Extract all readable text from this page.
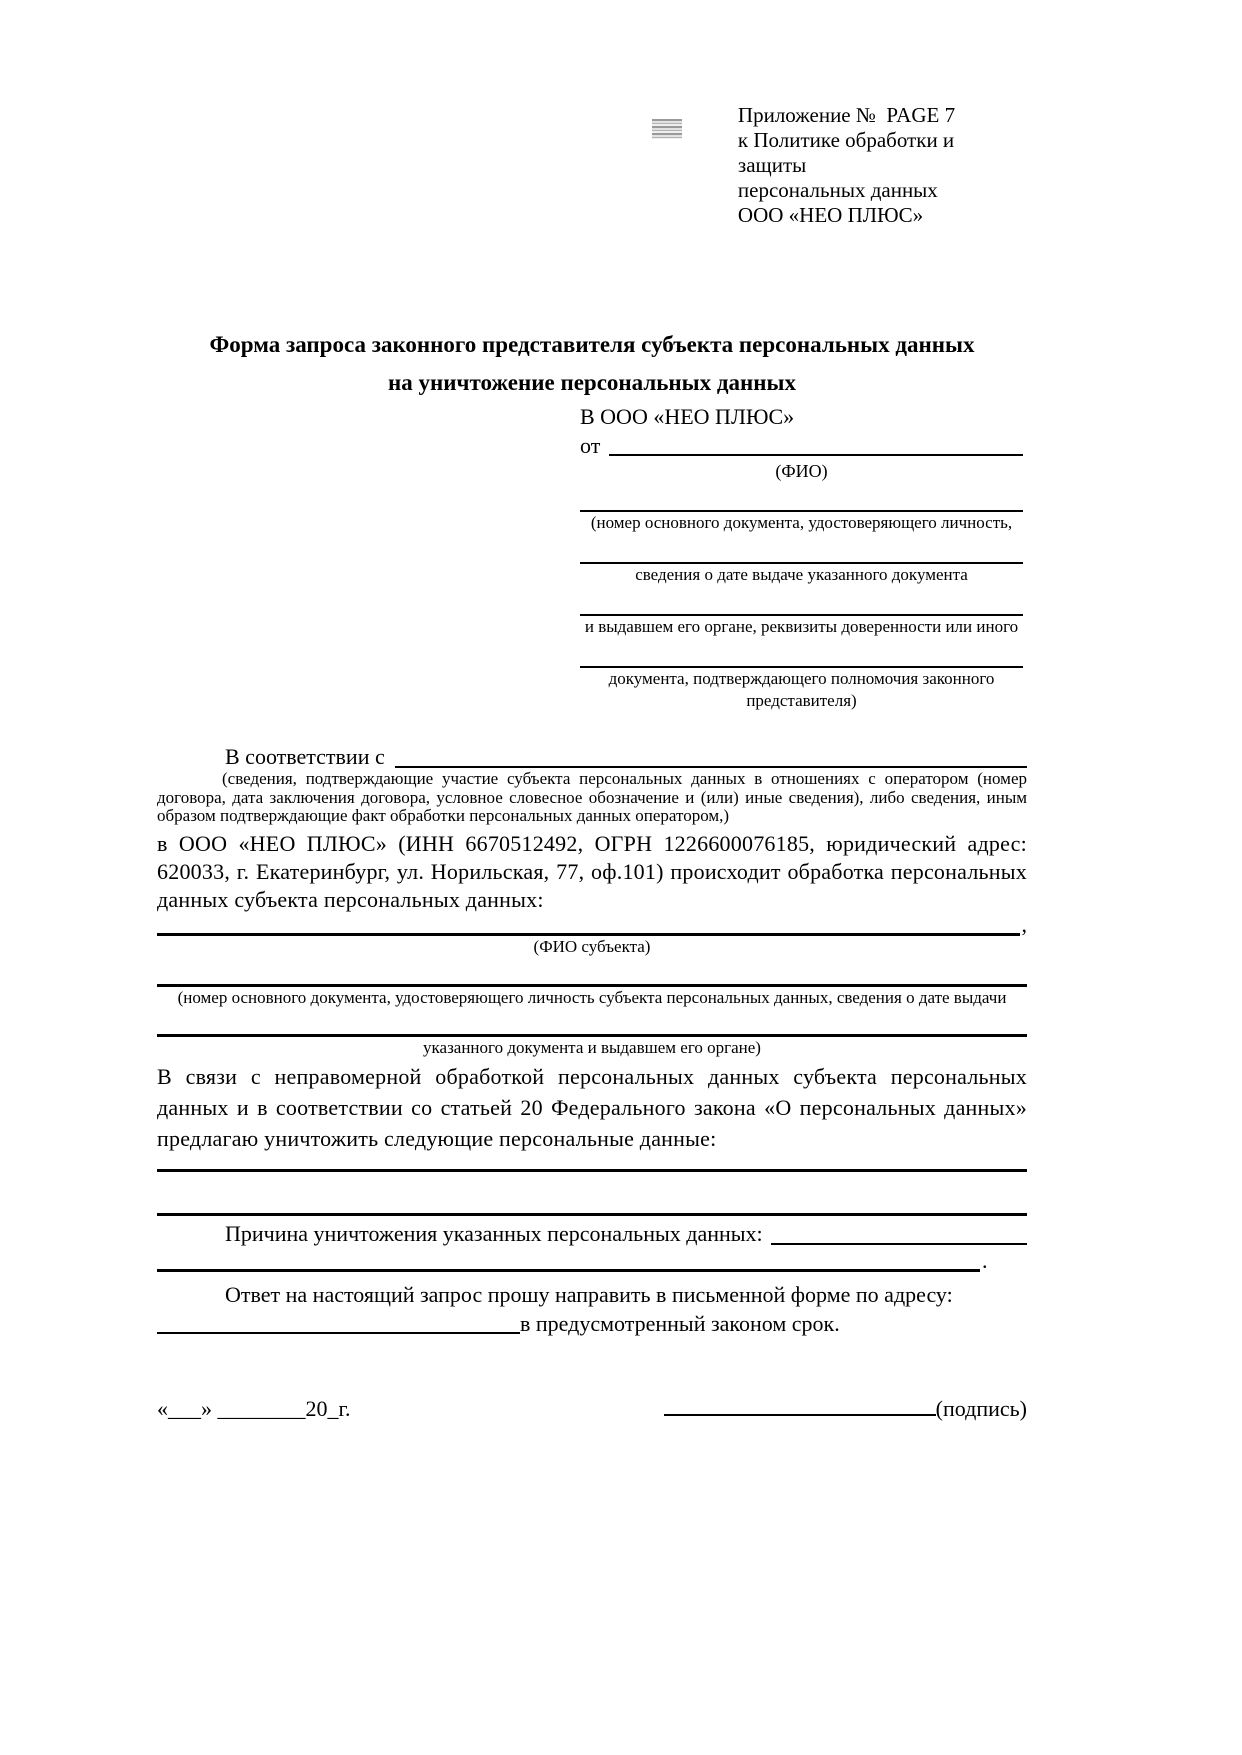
Приложение №  PAGE 7
к Политике обработки и защиты
персональных данных
ООО «НЕО ПЛЮС»
Форма запроса законного представителя субъекта персональных данных
на уничтожение персональных данных
В ООО «НЕО ПЛЮС»
от
(ФИО)
(номер основного документа, удостоверяющего личность,
сведения о дате выдаче указанного документа
и выдавшем его органе, реквизиты доверенности или иного
документа, подтверждающего полномочия законного представителя)
В соответствии с
(сведения, подтверждающие участие субъекта персональных данных в отношениях с оператором (номер договора, дата заключения договора, условное словесное обозначение и (или) иные сведения), либо сведения, иным образом подтверждающие факт обработки персональных данных оператором,)
в ООО «НЕО ПЛЮС» (ИНН 6670512492, ОГРН 1226600076185, юридический адрес: 620033, г. Екатеринбург, ул. Норильская, 77, оф.101) происходит обработка персональных данных субъекта персональных данных:
,
(ФИО субъекта)
(номер основного документа, удостоверяющего личность субъекта персональных данных, сведения о дате выдачи
указанного документа и выдавшем его органе)
В связи с неправомерной обработкой персональных данных субъекта персональных данных и в соответствии со статьей 20 Федерального закона «О персональных данных» предлагаю уничтожить следующие персональные данные:
Причина уничтожения указанных персональных данных:
.
Ответ на настоящий запрос прошу направить в письменной форме по адресу:
в предусмотренный законом срок.
«___» ________20_г.	(подпись)
